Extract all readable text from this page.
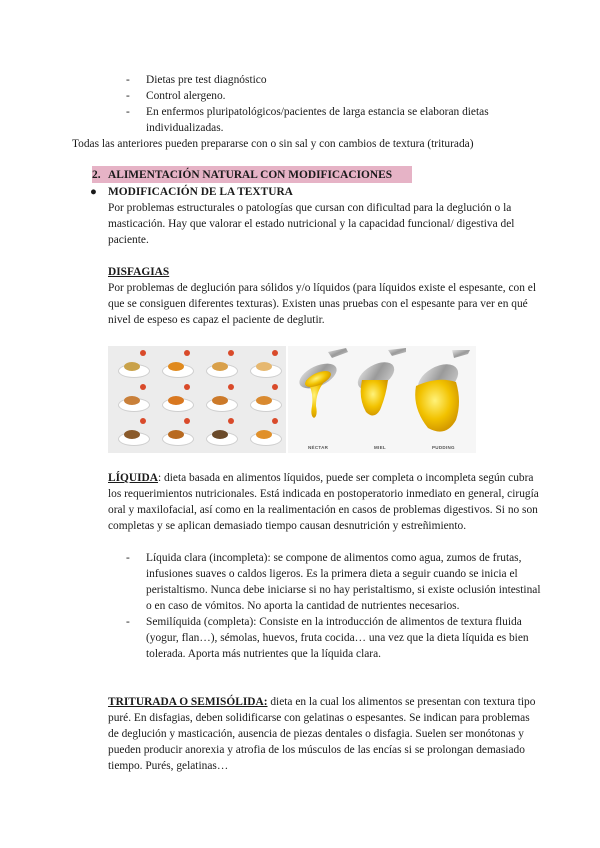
- Dietas pre test diagnóstico
- Control alergeno.
- En enfermos pluripatológicos/pacientes de larga estancia se elaboran dietas individualizadas.

Todas las anteriores pueden prepararse con o sin sal y con cambios de textura (triturada)

2. ALIMENTACIÓN NATURAL CON MODIFICACIONES
● MODIFICACIÓN DE LA TEXTURA

Por problemas estructurales o patologías que cursan con dificultad para la deglución o la masticación. Hay que valorar el estado nutricional y la capacidad funcional/ digestiva del paciente.

DISFAGIAS

Por problemas de deglución para sólidos y/o líquidos (para líquidos existe el espesante, con el que se consiguen diferentes texturas). Existen unas pruebas con el espesante para ver en qué nivel de espeso es capaz el paciente de deglutir.

NÉCTAR	MIEL	PUDDING

LÍQUIDA: dieta basada en alimentos líquidos, puede ser completa o incompleta según cubra los requerimientos nutricionales. Está indicada en postoperatorio inmediato en general, cirugía oral y maxilofacial, así como en la realimentación en casos de problemas digestivos. Si no son completas y se aplican demasiado tiempo causan desnutrición y estreñimiento.

- Líquida clara (incompleta): se compone de alimentos como agua, zumos de frutas, infusiones suaves o caldos ligeros. Es la primera dieta a seguir cuando se inicia el peristaltismo. Nunca debe iniciarse si no hay peristaltismo, si existe oclusión intestinal o en caso de vómitos. No aporta la cantidad de nutrientes necesarios.
- Semilíquida (completa): Consiste en la introducción de alimentos de textura fluida (yogur, flan…), sémolas, huevos, fruta cocida… una vez que la dieta líquida es bien tolerada. Aporta más nutrientes que la líquida clara.

TRITURADA O SEMISÓLIDA: dieta en la cual los alimentos se presentan con textura tipo puré. En disfagias, deben solidificarse con gelatinas o espesantes. Se indican para problemas de deglución y masticación, ausencia de piezas dentales o disfagia. Suelen ser monótonas y pueden producir anorexia y atrofia de los músculos de las encías si se prolongan demasiado tiempo. Purés, gelatinas…
